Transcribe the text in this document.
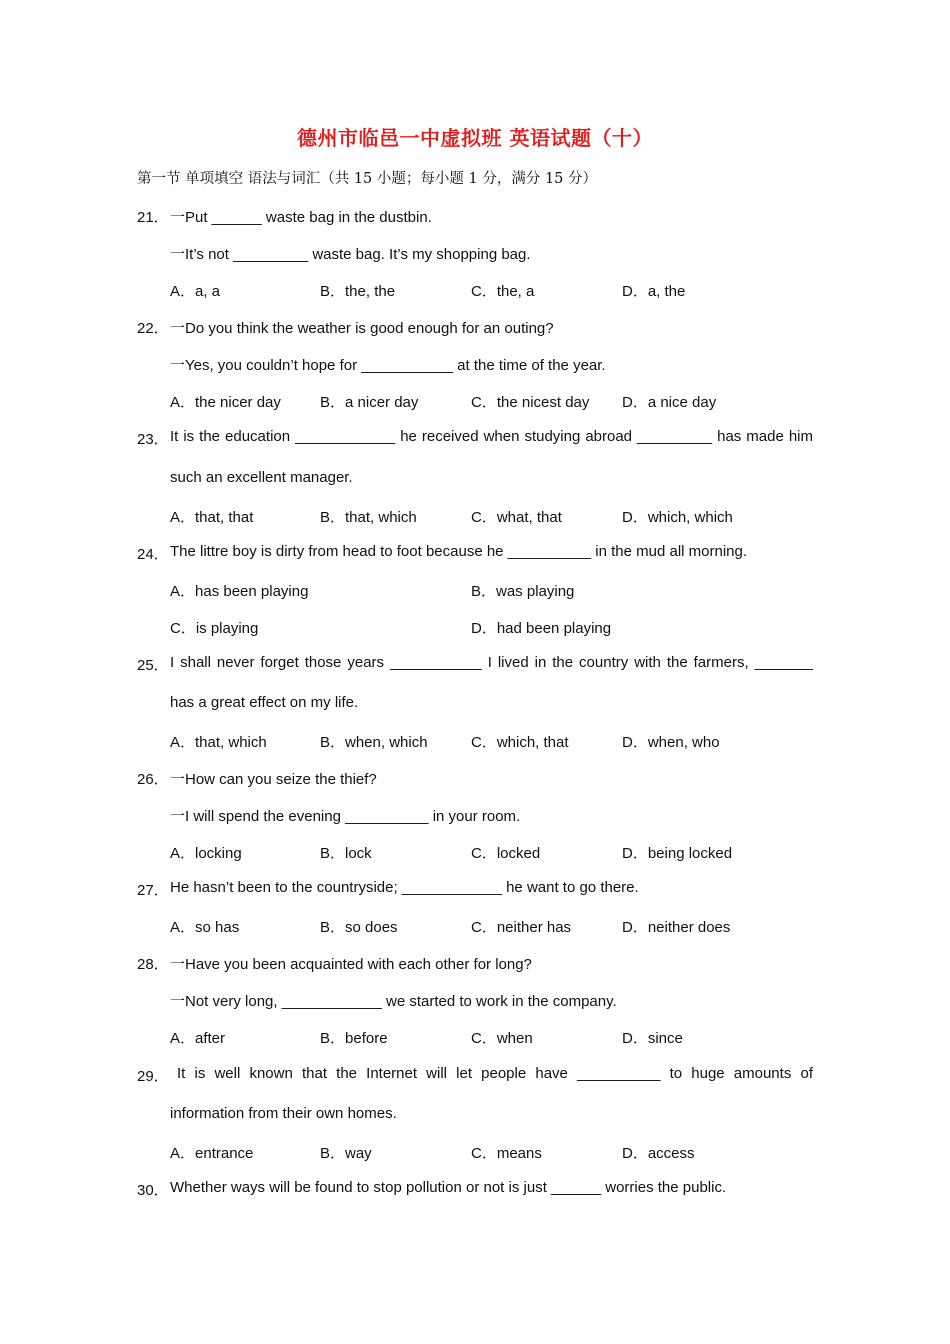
德州市临邑一中虚拟班 英语试题（十）
第一节 单项填空 语法与词汇（共 15 小题；每小题 1 分，满分 15 分）
21． 一Put ______ waste bag in the dustbin.
一It’s not _________ waste bag. It’s my shopping bag.
A．a, a	B．the, the	C．the, a	D．a, the
22． 一Do you think the weather is good enough for an outing?
一Yes, you couldn’t hope for ___________ at the time of the year.
A．the nicer day	B．a nicer day	C．the nicest day D．a nice day
23． It is the education ____________ he received when studying abroad _________ has made him
such an excellent manager.
A．that, that	B．that, which	C．what, that	D．which, which
24． The littre boy is dirty from head to foot because he __________ in the mud all morning.
A．has been playing	B．was playing
C．is playing	D．had been playing
25． I shall never forget those years ___________ I lived in the country with the farmers, _______
has a great effect on my life.
A．that, which	B．when, which	C．which, that	D．when, who
26． 一How can you seize the thief?
一I will spend the evening __________ in your room.
A．locking	B．lock	C．locked	D．being locked
27． He hasn’t been to the countryside; ____________ he want to go there.
A．so has	B．so does	C．neither has	D．neither does
28． 一Have you been acquainted with each other for long?
一Not very long, ____________ we started to work in the company.
A．after	B．before	C．when	D．since
29． It is well known that the Internet will let people have __________ to huge amounts of
information from their own homes.
A．entrance	B．way	C．means	D．access
30． Whether ways will be found to stop pollution or not is just ______ worries the public.
